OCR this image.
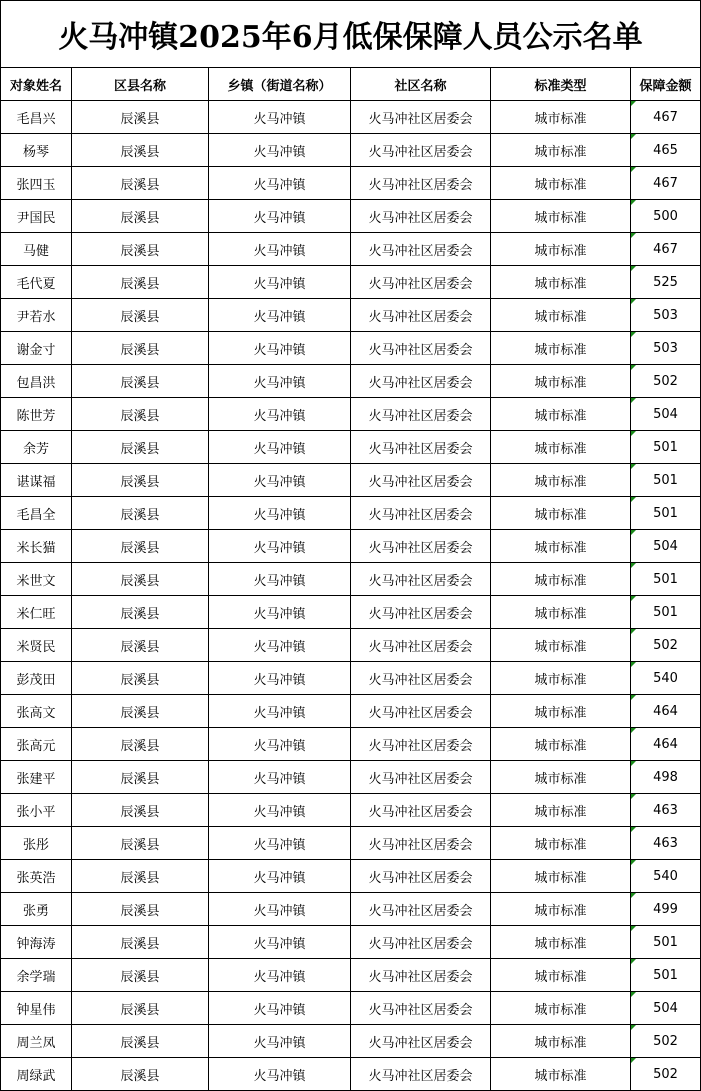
火马冲镇2025年6月低保保障人员公示名单					
对象姓名	区县名称	乡镇（街道名称）	社区名称	标准类型	保障金额
毛昌兴	辰溪县	火马冲镇	火马冲社区居委会	城市标准	467
杨琴	辰溪县	火马冲镇	火马冲社区居委会	城市标准	465
张四玉	辰溪县	火马冲镇	火马冲社区居委会	城市标准	467
尹国民	辰溪县	火马冲镇	火马冲社区居委会	城市标准	500
马健	辰溪县	火马冲镇	火马冲社区居委会	城市标准	467
毛代夏	辰溪县	火马冲镇	火马冲社区居委会	城市标准	525
尹若水	辰溪县	火马冲镇	火马冲社区居委会	城市标准	503
谢金寸	辰溪县	火马冲镇	火马冲社区居委会	城市标准	503
包昌洪	辰溪县	火马冲镇	火马冲社区居委会	城市标准	502
陈世芳	辰溪县	火马冲镇	火马冲社区居委会	城市标准	504
余芳	辰溪县	火马冲镇	火马冲社区居委会	城市标准	501
谌谋福	辰溪县	火马冲镇	火马冲社区居委会	城市标准	501
毛昌全	辰溪县	火马冲镇	火马冲社区居委会	城市标准	501
米长猫	辰溪县	火马冲镇	火马冲社区居委会	城市标准	504
米世文	辰溪县	火马冲镇	火马冲社区居委会	城市标准	501
米仁旺	辰溪县	火马冲镇	火马冲社区居委会	城市标准	501
米贤民	辰溪县	火马冲镇	火马冲社区居委会	城市标准	502
彭茂田	辰溪县	火马冲镇	火马冲社区居委会	城市标准	540
张高文	辰溪县	火马冲镇	火马冲社区居委会	城市标准	464
张高元	辰溪县	火马冲镇	火马冲社区居委会	城市标准	464
张建平	辰溪县	火马冲镇	火马冲社区居委会	城市标准	498
张小平	辰溪县	火马冲镇	火马冲社区居委会	城市标准	463
张彤	辰溪县	火马冲镇	火马冲社区居委会	城市标准	463
张英浩	辰溪县	火马冲镇	火马冲社区居委会	城市标准	540
张勇	辰溪县	火马冲镇	火马冲社区居委会	城市标准	499
钟海涛	辰溪县	火马冲镇	火马冲社区居委会	城市标准	501
余学瑞	辰溪县	火马冲镇	火马冲社区居委会	城市标准	501
钟星伟	辰溪县	火马冲镇	火马冲社区居委会	城市标准	504
周兰凤	辰溪县	火马冲镇	火马冲社区居委会	城市标准	502
周绿武	辰溪县	火马冲镇	火马冲社区居委会	城市标准	502
